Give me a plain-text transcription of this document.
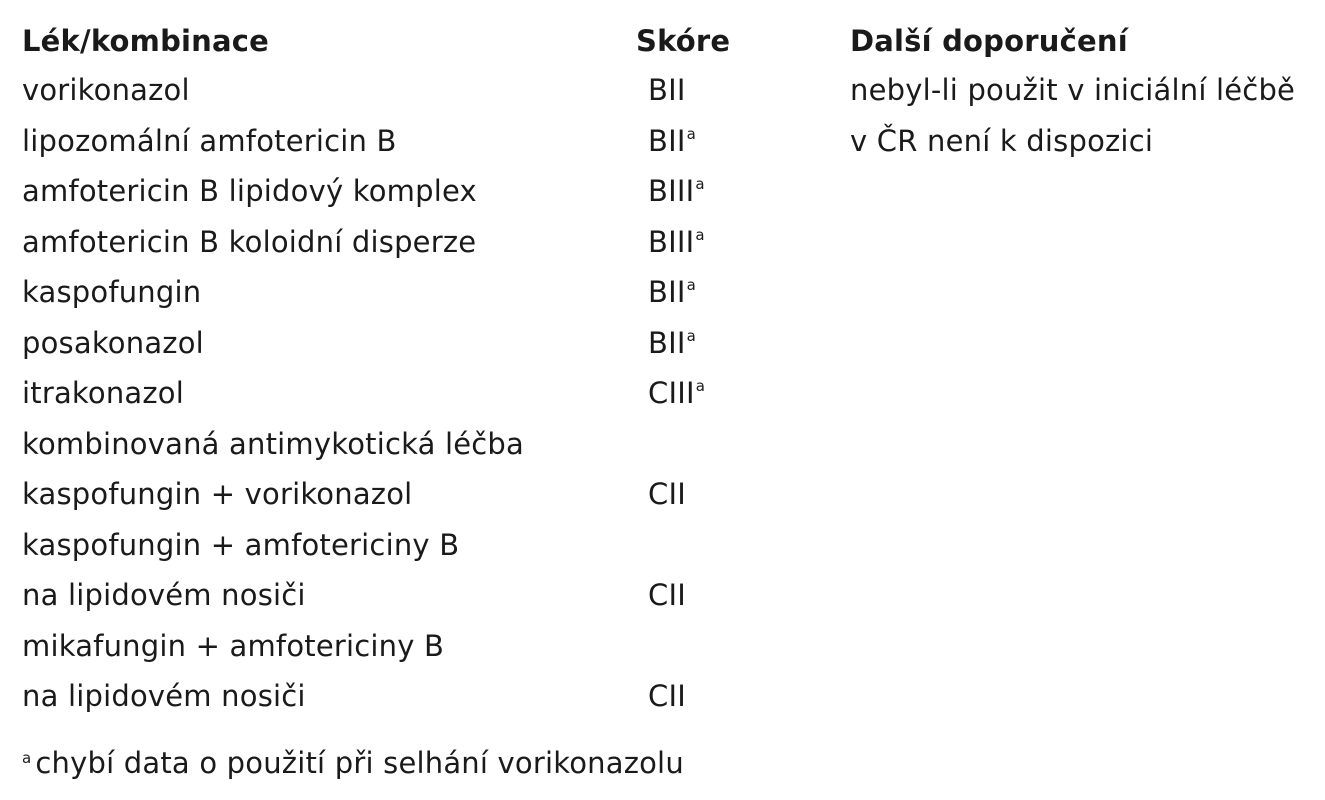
Lék/kombinace	Skóre	Další doporučení
vorikonazol	BII	nebyl-li použit v iniciální léčbě
lipozomální amfotericin B	BII$^a$	v ČR není k dispozici
amfotericin B lipidový komplex	BIII$^a$
amfotericin B koloidní disperze	BIII$^a$
kaspofungin	BII$^a$
posakonazol	BII$^a$
itrakonazol	CIII$^a$
kombinovaná antimykotická léčba
kaspofungin + vorikonazol	CII
kaspofungin + amfotericiny B
na lipidovém nosiči	CII
mikafungin + amfotericiny B
na lipidovém nosiči	CII
$^a$ chybí data o použití při selhání vorikonazolu
